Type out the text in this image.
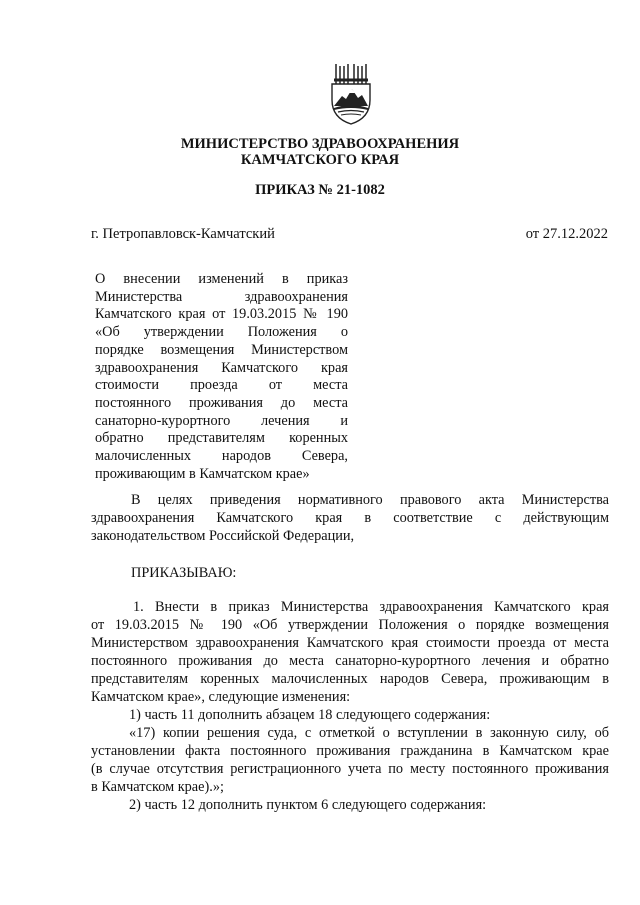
МИНИСТЕРСТВО ЗДРАВООХРАНЕНИЯ
КАМЧАТСКОГО КРАЯ
ПРИКАЗ № 21-1082
г. Петропавловск-Камчатский	от 27.12.2022
О внесении изменений в приказ
Министерства здравоохранения
Камчатского края от 19.03.2015 № 190
«Об утверждении Положения о
порядке возмещения Министерством
здравоохранения Камчатского края
стоимости проезда от места
постоянного проживания до места
санаторно-курортного лечения и
обратно представителям коренных
малочисленных народов Севера,
проживающим в Камчатском крае»
В целях приведения нормативного правового акта Министерства
здравоохранения Камчатского края в соответствие с действующим
законодательством Российской Федерации,
ПРИКАЗЫВАЮ:
1. Внести в приказ Министерства здравоохранения Камчатского края
от 19.03.2015 № 190 «Об утверждении Положения о порядке возмещения
Министерством здравоохранения Камчатского края стоимости проезда от места
постоянного проживания до места санаторно-курортного лечения и обратно
представителям коренных малочисленных народов Севера, проживающим в
Камчатском крае», следующие изменения:
1) часть 11 дополнить абзацем 18 следующего содержания:
«17) копии решения суда, с отметкой о вступлении в законную силу, об
установлении факта постоянного проживания гражданина в Камчатском крае
(в случае отсутствия регистрационного учета по месту постоянного проживания
в Камчатском крае).»;
2) часть 12 дополнить пунктом 6 следующего содержания:
